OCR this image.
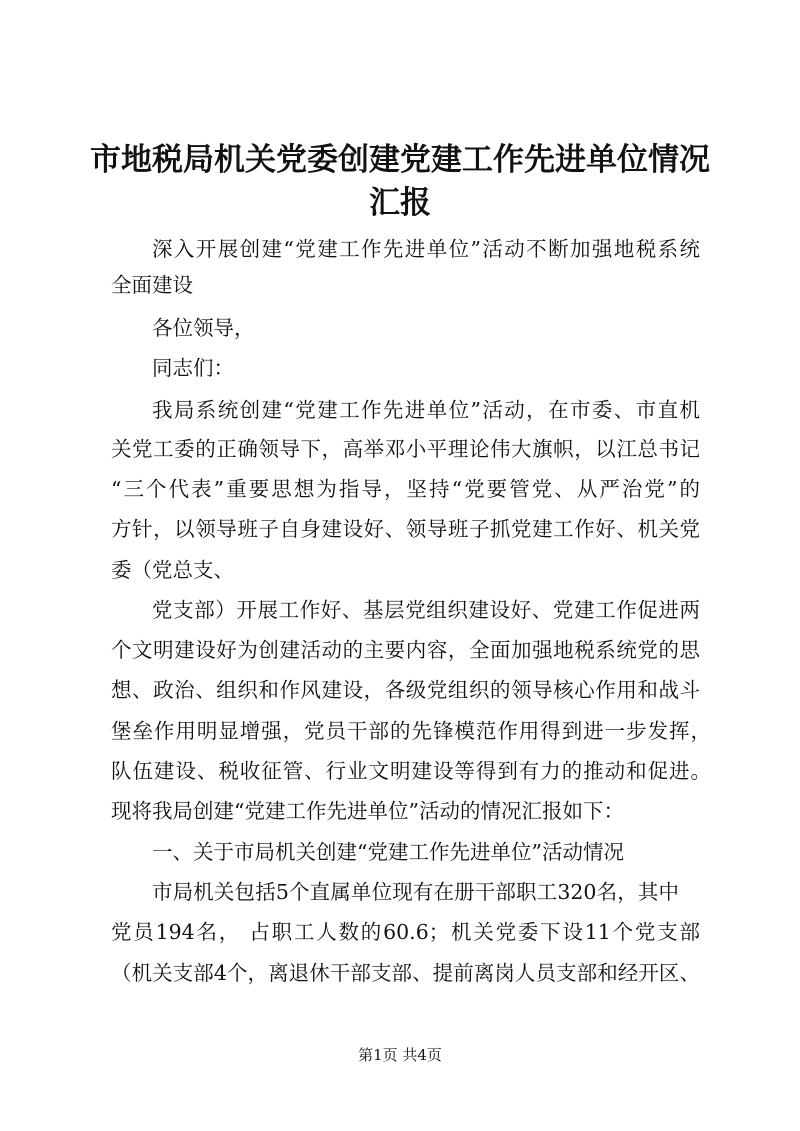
市地税局机关党委创建党建工作先进单位情况
汇报
深入开展创建“党建工作先进单位”活动不断加强地税系统
全面建设
各位领导，
同志们：
我局系统创建“党建工作先进单位”活动，在市委、市直机
关党工委的正确领导下，高举邓小平理论伟大旗帜，以江总书记
“三个代表”重要思想为指导，坚持“党要管党、从严治党”的
方针，以领导班子自身建设好、领导班子抓党建工作好、机关党
委（党总支、
党支部）开展工作好、基层党组织建设好、党建工作促进两
个文明建设好为创建活动的主要内容，全面加强地税系统党的思
想、政治、组织和作风建设，各级党组织的领导核心作用和战斗
堡垒作用明显增强，党员干部的先锋模范作用得到进一步发挥，
队伍建设、税收征管、行业文明建设等得到有力的推动和促进。
现将我局创建“党建工作先进单位”活动的情况汇报如下：
一、关于市局机关创建“党建工作先进单位”活动情况
市局机关包括5个直属单位现有在册干部职工320名，其中
党员194名， 占职工人数的60.6；机关党委下设11个党支部
（机关支部4个，离退休干部支部、提前离岗人员支部和经开区、
第1页 共4页
